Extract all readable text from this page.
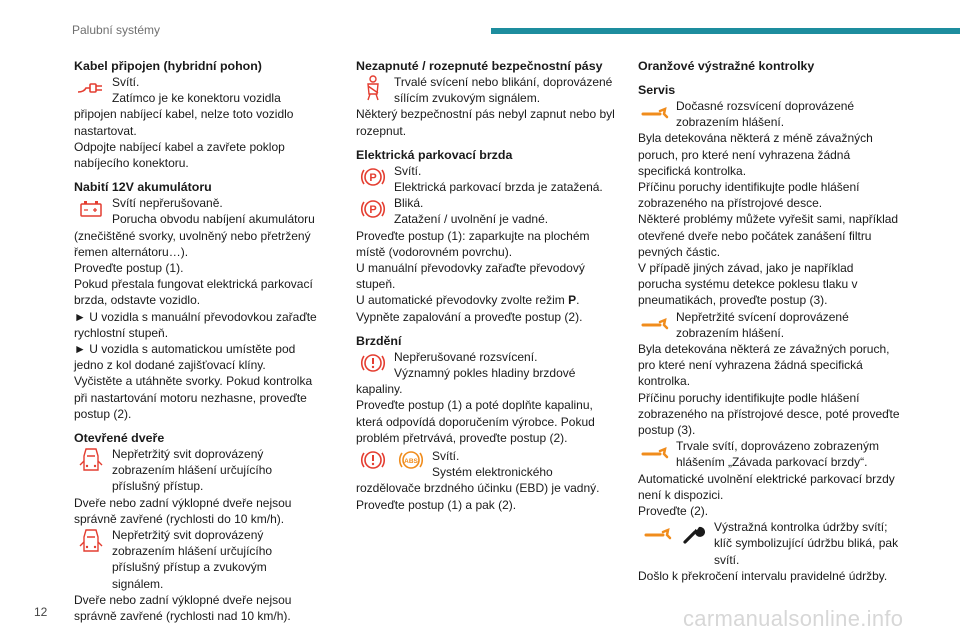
Palubní systémy

Kabel připojen (hybridní pohon)

Svítí.

Zatímco je ke konektoru vozidla připojen nabíjecí kabel, nelze toto vozidlo nastartovat.

Odpojte nabíjecí kabel a zavřete poklop nabíjecího konektoru.

Nabití 12V akumulátoru

Svítí nepřerušovaně.

Porucha obvodu nabíjení akumulátoru (znečištěné svorky, uvolněný nebo přetržený řemen alternátoru…).

Proveďte postup (1).

Pokud přestala fungovat elektrická parkovací brzda, odstavte vozidlo.

► U vozidla s manuální převodovkou zařaďte rychlostní stupeň.

► U vozidla s automatickou umístěte pod jedno z kol dodané zajišťovací klíny.

Vyčistěte a utáhněte svorky. Pokud kontrolka při nastartování motoru nezhasne, proveďte postup (2).

Otevřené dveře

Nepřetržitý svit doprovázený zobrazením hlášení určujícího příslušný přístup.

Dveře nebo zadní výklopné dveře nejsou správně zavřené (rychlosti do 10 km/h).

Nepřetržitý svit doprovázený zobrazením hlášení určujícího příslušný přístup a zvukovým signálem.

Dveře nebo zadní výklopné dveře nejsou správně zavřené (rychlosti nad 10 km/h).

Nezapnuté / rozepnuté bezpečnostní pásy

Trvalé svícení nebo blikání, doprovázené sílícím zvukovým signálem.

Některý bezpečnostní pás nebyl zapnut nebo byl rozepnut.

Elektrická parkovací brzda

P	Svítí.

Elektrická parkovací brzda je zatažená.

P	Bliká.

Zatažení / uvolnění je vadné.

Proveďte postup (1): zaparkujte na plochém místě (vodorovném povrchu).

U manuální převodovky zařaďte převodový stupeň.

U automatické převodovky zvolte režim P.

Vypněte zapalování a proveďte postup (2).

Brzdění

Nepřerušované rozsvícení.

Významný pokles hladiny brzdové kapaliny.

Proveďte postup (1) a poté doplňte kapalinu, která odpovídá doporučením výrobce. Pokud problém přetrvává, proveďte postup (2).

ABS	Svítí.

Systém elektronického rozdělovače brzdného účinku (EBD) je vadný.

Proveďte postup (1) a pak (2).

Oranžové výstražné kontrolky

Servis

Dočasné rozsvícení doprovázené zobrazením hlášení.

Byla detekována některá z méně závažných poruch, pro které není vyhrazena žádná specifická kontrolka.

Příčinu poruchy identifikujte podle hlášení zobrazeného na přístrojové desce.

Některé problémy můžete vyřešit sami, například otevřené dveře nebo počátek zanášení filtru pevných částic.

V případě jiných závad, jako je například porucha systému detekce poklesu tlaku v pneumatikách, proveďte postup (3).

Nepřetržité svícení doprovázené zobrazením hlášení.

Byla detekována některá ze závažných poruch, pro které není vyhrazena žádná specifická kontrolka.

Příčinu poruchy identifikujte podle hlášení zobrazeného na přístrojové desce, poté proveďte postup (3).

Trvale svítí, doprovázeno zobrazeným hlášením „Závada parkovací brzdy“.

Automatické uvolnění elektrické parkovací brzdy není k dispozici.

Proveďte (2).

Výstražná kontrolka údržby svítí; klíč symbolizující údržbu bliká, pak svítí.

Došlo k překročení intervalu pravidelné údržby.

12	carmanualsonline.info
